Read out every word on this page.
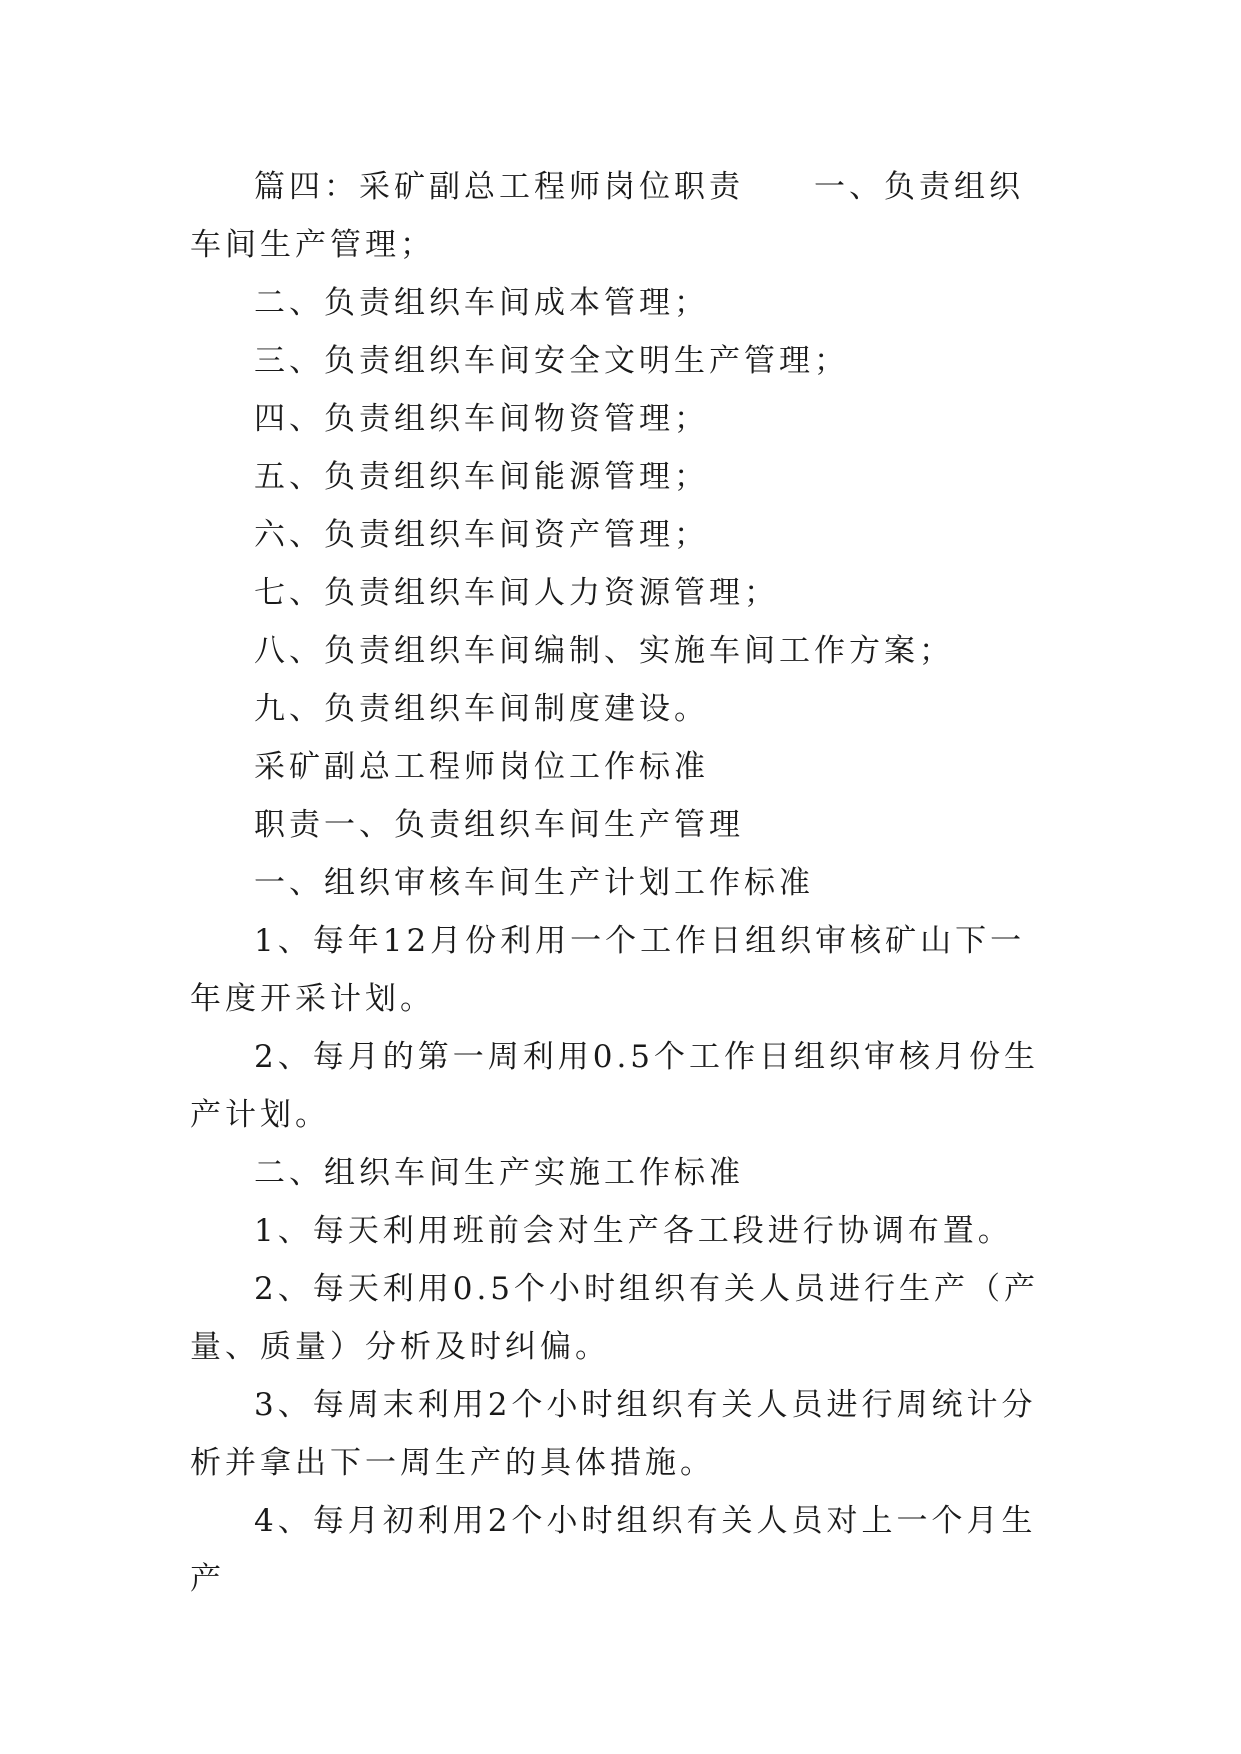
篇四：采矿副总工程师岗位职责　　一、负责组织车间生产管理；

二、负责组织车间成本管理；

三、负责组织车间安全文明生产管理；

四、负责组织车间物资管理；

五、负责组织车间能源管理；

六、负责组织车间资产管理；

七、负责组织车间人力资源管理；

八、负责组织车间编制、实施车间工作方案；

九、负责组织车间制度建设。

采矿副总工程师岗位工作标准

职责一、负责组织车间生产管理

一、组织审核车间生产计划工作标准

1、每年12月份利用一个工作日组织审核矿山下一年度开采计划。

2、每月的第一周利用0.5个工作日组织审核月份生产计划。

二、组织车间生产实施工作标准

1、每天利用班前会对生产各工段进行协调布置。

2、每天利用0.5个小时组织有关人员进行生产（产量、质量）分析及时纠偏。

3、每周末利用2个小时组织有关人员进行周统计分析并拿出下一周生产的具体措施。

4、每月初利用2个小时组织有关人员对上一个月生产
